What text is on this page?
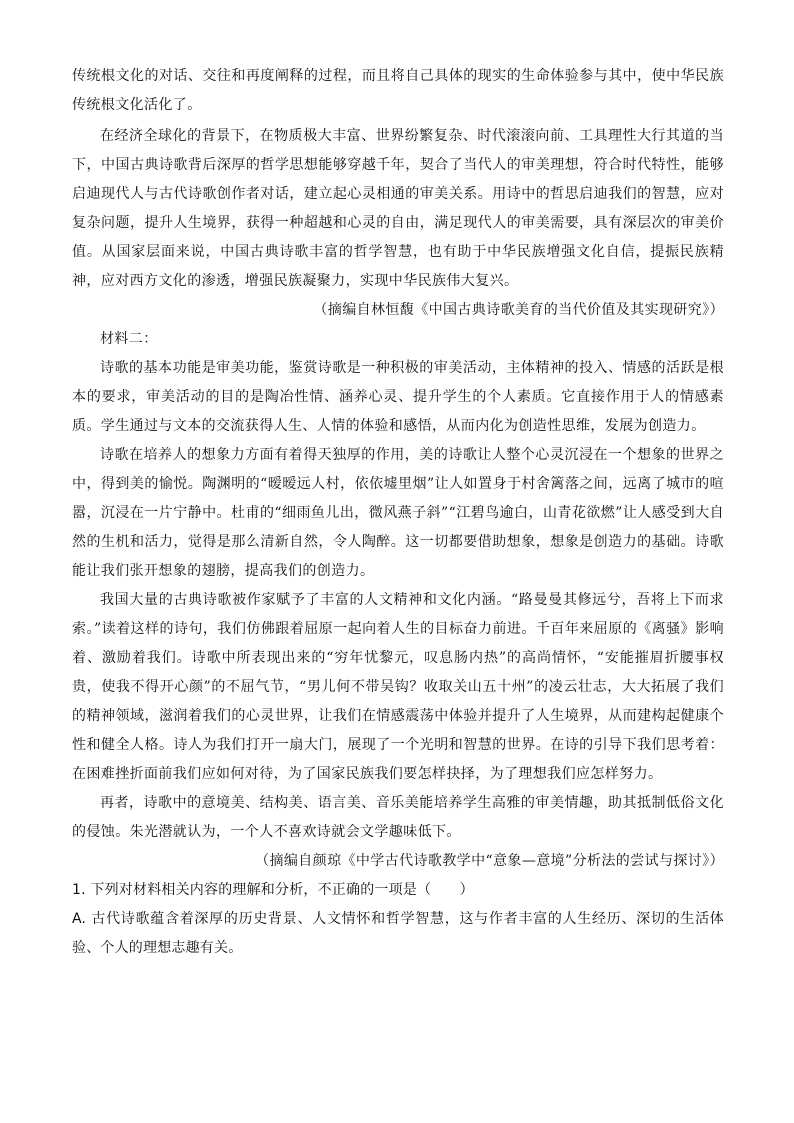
传统根文化的对话、交往和再度阐释的过程，而且将自己具体的现实的生命体验参与其中，使中华民族传统根文化活化了。

在经济全球化的背景下，在物质极大丰富、世界纷繁复杂、时代滚滚向前、工具理性大行其道的当下，中国古典诗歌背后深厚的哲学思想能够穿越千年，契合了当代人的审美理想，符合时代特性，能够启迪现代人与古代诗歌创作者对话，建立起心灵相通的审美关系。用诗中的哲思启迪我们的智慧，应对复杂问题，提升人生境界，获得一种超越和心灵的自由，满足现代人的审美需要，具有深层次的审美价值。从国家层面来说，中国古典诗歌丰富的哲学智慧，也有助于中华民族增强文化自信，提振民族精神，应对西方文化的渗透，增强民族凝聚力，实现中华民族伟大复兴。

（摘编自林恒馥《中国古典诗歌美育的当代价值及其实现研究》）

材料二：

诗歌的基本功能是审美功能，鉴赏诗歌是一种积极的审美活动，主体精神的投入、情感的活跃是根本的要求，审美活动的目的是陶冶性情、涵养心灵、提升学生的个人素质。它直接作用于人的情感素质。学生通过与文本的交流获得人生、人情的体验和感悟，从而内化为创造性思维，发展为创造力。

诗歌在培养人的想象力方面有着得天独厚的作用，美的诗歌让人整个心灵沉浸在一个想象的世界之中，得到美的愉悦。陶渊明的“暧暧远人村，依依墟里烟”让人如置身于村舍篱落之间，远离了城市的喧嚣，沉浸在一片宁静中。杜甫的“细雨鱼儿出，微风燕子斜”“江碧鸟逾白，山青花欲燃”让人感受到大自然的生机和活力，觉得是那么清新自然，令人陶醉。这一切都要借助想象，想象是创造力的基础。诗歌能让我们张开想象的翅膀，提高我们的创造力。

我国大量的古典诗歌被作家赋予了丰富的人文精神和文化内涵。“路曼曼其修远兮，吾将上下而求索。”读着这样的诗句，我们仿佛跟着屈原一起向着人生的目标奋力前进。千百年来屈原的《离骚》影响着、激励着我们。诗歌中所表现出来的“穷年忧黎元，叹息肠内热”的高尚情怀，“安能摧眉折腰事权贵，使我不得开心颜”的不屈气节，“男儿何不带吴钩？收取关山五十州”的凌云壮志，大大拓展了我们的精神领域，滋润着我们的心灵世界，让我们在情感震荡中体验并提升了人生境界，从而建构起健康个性和健全人格。诗人为我们打开一扇大门，展现了一个光明和智慧的世界。在诗的引导下我们思考着：在困难挫折面前我们应如何对待，为了国家民族我们要怎样抉择，为了理想我们应怎样努力。

再者，诗歌中的意境美、结构美、语言美、音乐美能培养学生高雅的审美情趣，助其抵制低俗文化的侵蚀。朱光潜就认为，一个人不喜欢诗就会文学趣味低下。

（摘编自颜琼《中学古代诗歌教学中“意象—意境”分析法的尝试与探讨》）

1. 下列对材料相关内容的理解和分析，不正确的一项是（　　）

A. 古代诗歌蕴含着深厚的历史背景、人文情怀和哲学智慧，这与作者丰富的人生经历、深切的生活体验、个人的理想志趣有关。
